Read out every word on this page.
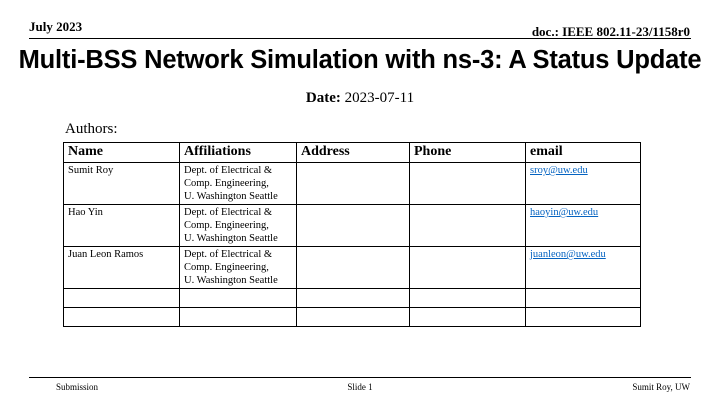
July 2023	doc.: IEEE 802.11-23/1158r0
Multi-BSS Network Simulation with ns-3: A Status Update
Date: 2023-07-11
Authors:
Name	Affiliations	Address	Phone	email
Sumit Roy	Dept. of Electrical &
Comp. Engineering,
U. Washington Seattle			sroy@uw.edu
Hao Yin	Dept. of Electrical &
Comp. Engineering,
U. Washington Seattle			haoyin@uw.edu
Juan Leon Ramos	Dept. of Electrical &
Comp. Engineering,
U. Washington Seattle			juanleon@uw.edu

Submission	Slide 1	Sumit Roy, UW
